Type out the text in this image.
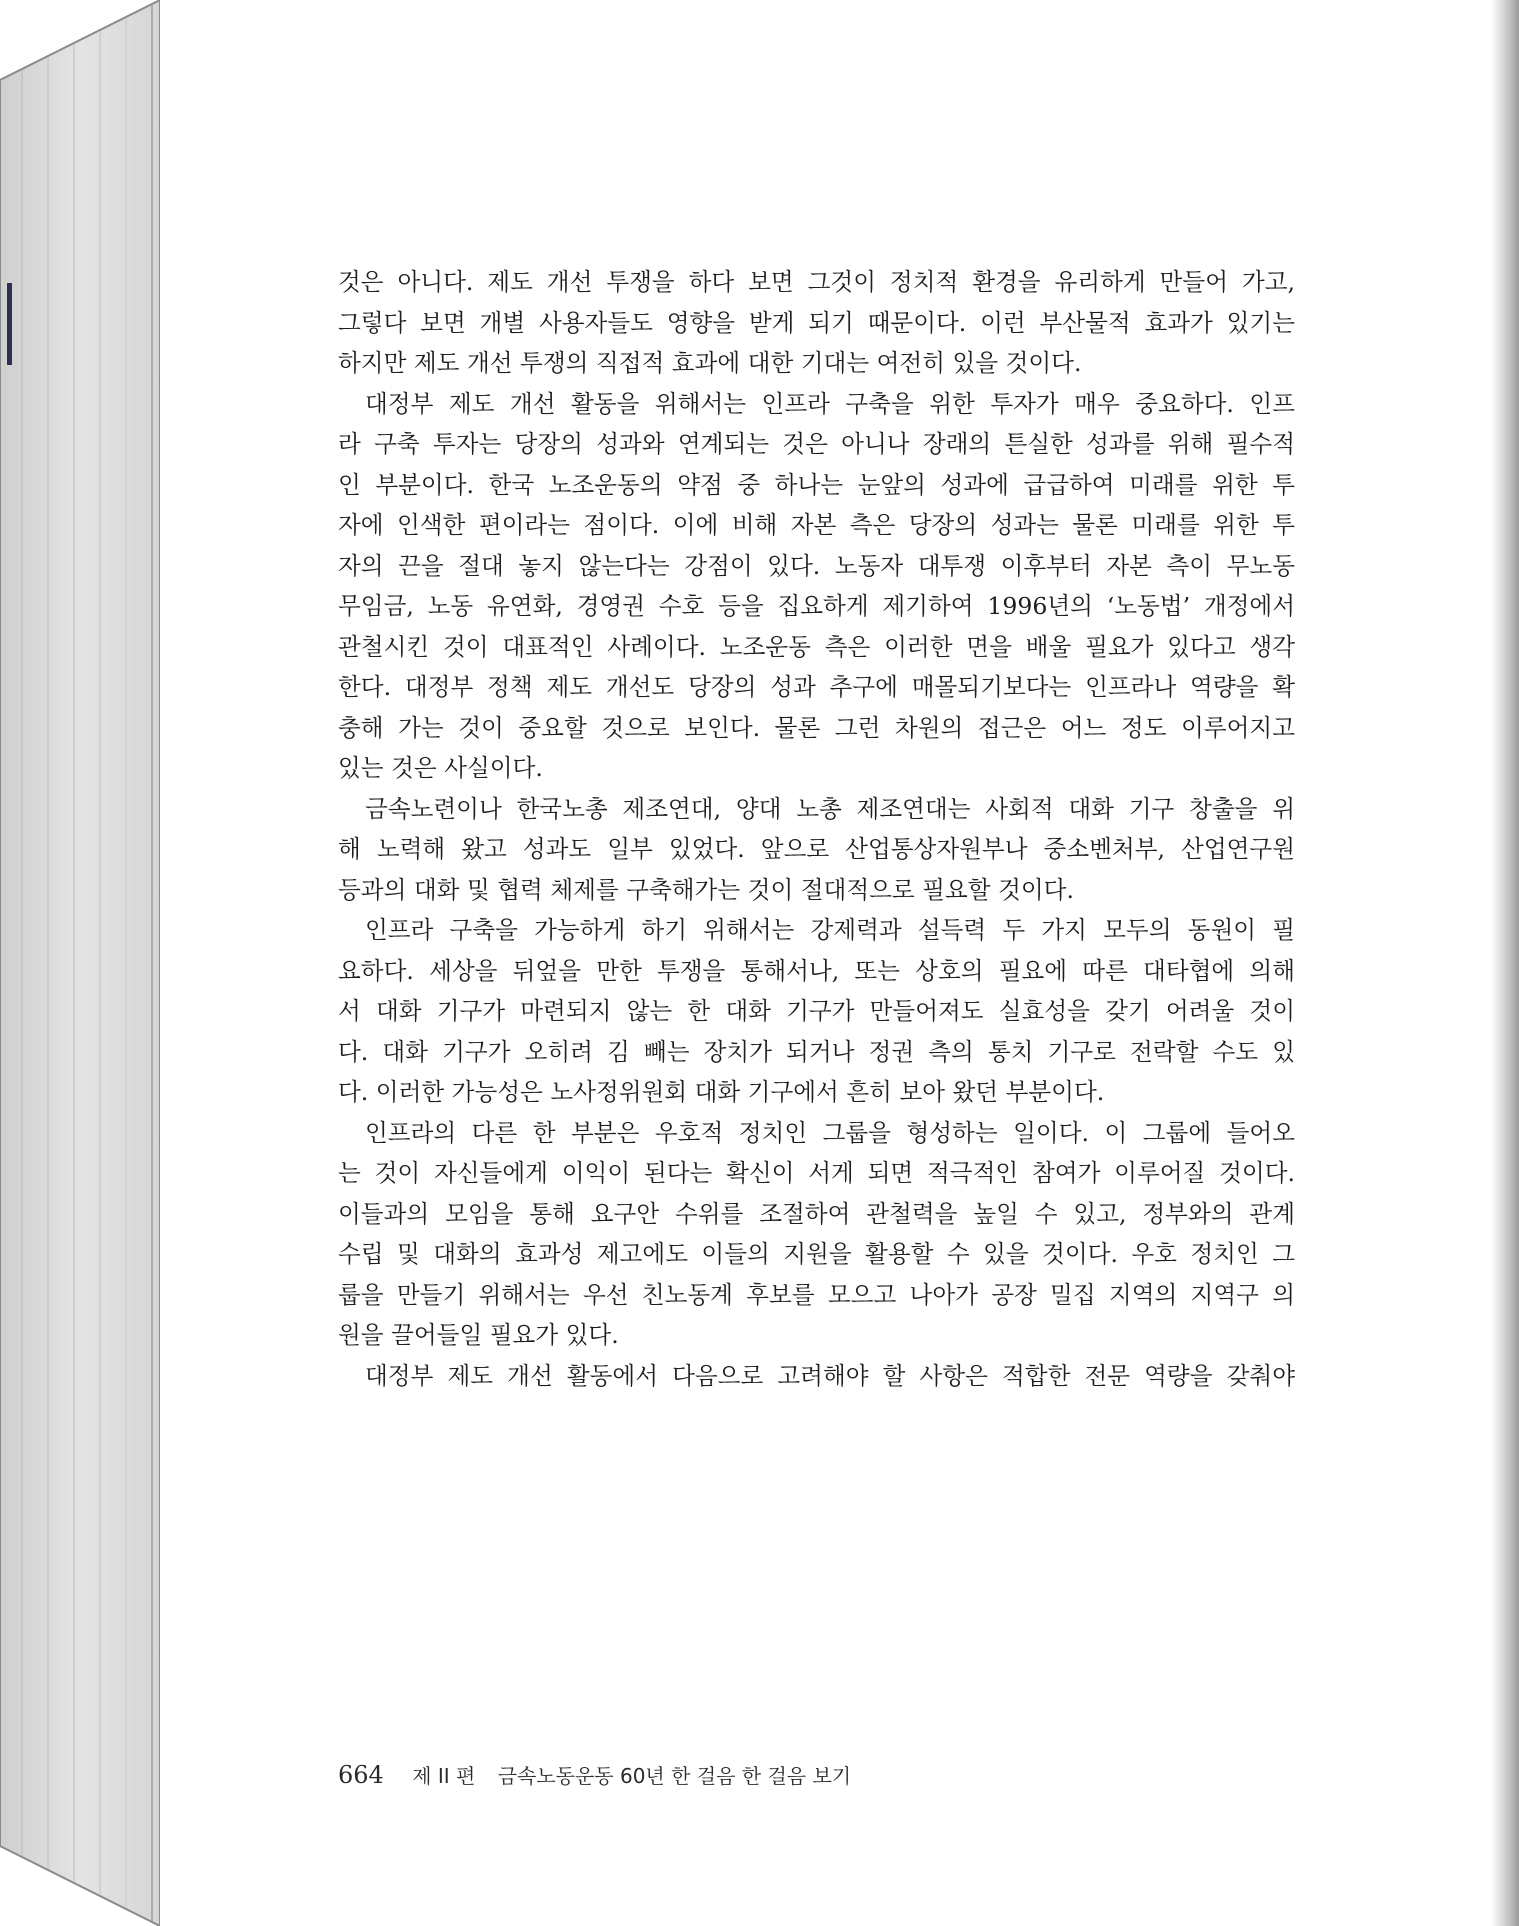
것은 아니다. 제도 개선 투쟁을 하다 보면 그것이 정치적 환경을 유리하게 만들어 가고,
그렇다 보면 개별 사용자들도 영향을 받게 되기 때문이다. 이런 부산물적 효과가 있기는
하지만 제도 개선 투쟁의 직접적 효과에 대한 기대는 여전히 있을 것이다.
대정부 제도 개선 활동을 위해서는 인프라 구축을 위한 투자가 매우 중요하다. 인프
라 구축 투자는 당장의 성과와 연계되는 것은 아니나 장래의 튼실한 성과를 위해 필수적
인 부분이다. 한국 노조운동의 약점 중 하나는 눈앞의 성과에 급급하여 미래를 위한 투
자에 인색한 편이라는 점이다. 이에 비해 자본 측은 당장의 성과는 물론 미래를 위한 투
자의 끈을 절대 놓지 않는다는 강점이 있다. 노동자 대투쟁 이후부터 자본 측이 무노동
무임금, 노동 유연화, 경영권 수호 등을 집요하게 제기하여 1996년의 ‘노동법’ 개정에서
관철시킨 것이 대표적인 사례이다. 노조운동 측은 이러한 면을 배울 필요가 있다고 생각
한다. 대정부 정책 제도 개선도 당장의 성과 추구에 매몰되기보다는 인프라나 역량을 확
충해 가는 것이 중요할 것으로 보인다. 물론 그런 차원의 접근은 어느 정도 이루어지고
있는 것은 사실이다.
금속노련이나 한국노총 제조연대, 양대 노총 제조연대는 사회적 대화 기구 창출을 위
해 노력해 왔고 성과도 일부 있었다. 앞으로 산업통상자원부나 중소벤처부, 산업연구원
등과의 대화 및 협력 체제를 구축해가는 것이 절대적으로 필요할 것이다.
인프라 구축을 가능하게 하기 위해서는 강제력과 설득력 두 가지 모두의 동원이 필
요하다. 세상을 뒤엎을 만한 투쟁을 통해서나, 또는 상호의 필요에 따른 대타협에 의해
서 대화 기구가 마련되지 않는 한 대화 기구가 만들어져도 실효성을 갖기 어려울 것이
다. 대화 기구가 오히려 김 빼는 장치가 되거나 정권 측의 통치 기구로 전락할 수도 있
다. 이러한 가능성은 노사정위원회 대화 기구에서 흔히 보아 왔던 부분이다.
인프라의 다른 한 부분은 우호적 정치인 그룹을 형성하는 일이다. 이 그룹에 들어오
는 것이 자신들에게 이익이 된다는 확신이 서게 되면 적극적인 참여가 이루어질 것이다.
이들과의 모임을 통해 요구안 수위를 조절하여 관철력을 높일 수 있고, 정부와의 관계
수립 및 대화의 효과성 제고에도 이들의 지원을 활용할 수 있을 것이다. 우호 정치인 그
룹을 만들기 위해서는 우선 친노동계 후보를 모으고 나아가 공장 밀집 지역의 지역구 의
원을 끌어들일 필요가 있다.
대정부 제도 개선 활동에서 다음으로 고려해야 할 사항은 적합한 전문 역량을 갖춰야
664 제 II 편 금속노동운동 60년 한 걸음 한 걸음 보기
